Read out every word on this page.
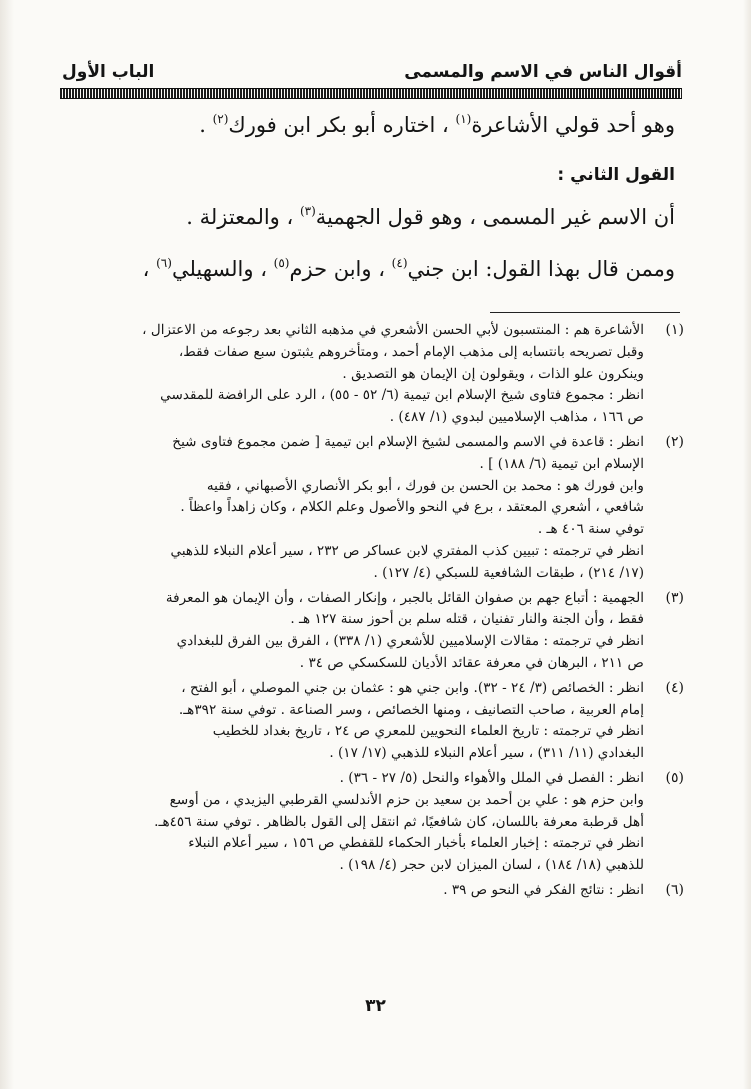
أقوال الناس في الاسم والمسمى
الباب الأول

وهو أحد قولي الأشاعرة$^{(١)}$ ، اختاره أبو بكر ابن فورك$^{(٢)}$ .

القول الثاني :

أن الاسم غير المسمى ، وهو قول الجهمية$^{(٣)}$ ، والمعتزلة .

وممن قال بهذا القول: ابن جني$^{(٤)}$ ، وابن حزم$^{(٥)}$ ، والسهيلي$^{(٦)}$ ،

(١)
الأشاعرة هم : المنتسبون لأبي الحسن الأشعري في مذهبه الثاني بعد رجوعه من الاعتزال ،
وقبل تصريحه بانتسابه إلى مذهب الإمام أحمد ، ومتأخروهم يثبتون سبع صفات فقط،
وينكرون علو الذات ، ويقولون إن الإيمان هو التصديق .
انظر : مجموع فتاوى شيخ الإسلام ابن تيمية (٦/ ٥٢ - ٥٥) ، الرد على الرافضة للمقدسي
ص ١٦٦ ، مذاهب الإسلاميين لبدوي (١/ ٤٨٧) .
(٢)
انظر : قاعدة في الاسم والمسمى لشيخ الإسلام ابن تيمية [ ضمن مجموع فتاوى شيخ
الإسلام ابن تيمية (٦/ ١٨٨) ] .
وابن فورك هو : محمد بن الحسن بن فورك ، أبو بكر الأنصاري الأصبهاني ، فقيه
شافعي ، أشعري المعتقد ، برع في النحو والأصول وعلم الكلام ، وكان زاهداً واعظاً .
توفي سنة ٤٠٦ هـ .
انظر في ترجمته : تبيين كذب المفتري لابن عساكر ص ٢٣٢ ، سير أعلام النبلاء للذهبي
(١٧/ ٢١٤) ، طبقات الشافعية للسبكي (٤/ ١٢٧) .
(٣)
الجهمية : أتباع جهم بن صفوان القائل بالجبر ، وإنكار الصفات ، وأن الإيمان هو المعرفة
فقط ، وأن الجنة والنار تفنيان ، قتله سلم بن أحوز سنة ١٢٧ هـ .
انظر في ترجمته : مقالات الإسلاميين للأشعري (١/ ٣٣٨) ، الفرق بين الفرق للبغدادي
ص ٢١١ ، البرهان في معرفة عقائد الأديان للسكسكي ص ٣٤ .
(٤)
انظر : الخصائص (٣/ ٢٤ - ٣٢). وابن جني هو : عثمان بن جني الموصلي ، أبو الفتح ،
إمام العربية ، صاحب التصانيف ، ومنها الخصائص ، وسر الصناعة . توفي سنة ٣٩٢هـ.
انظر في ترجمته : تاريخ العلماء النحويين للمعري ص ٢٤ ، تاريخ بغداد للخطيب
البغدادي (١١/ ٣١١) ، سير أعلام النبلاء للذهبي (١٧/ ١٧) .
(٥)
انظر : الفصل في الملل والأهواء والنحل (٥/ ٢٧ - ٣٦) .
وابن حزم هو : علي بن أحمد بن سعيد بن حزم الأندلسي القرطبي اليزيدي ، من أوسع
أهل قرطبة معرفة باللسان، كان شافعيًا، ثم انتقل إلى القول بالظاهر . توفي سنة ٤٥٦هـ.
انظر في ترجمته : إخبار العلماء بأخبار الحكماء للقفطي ص ١٥٦ ، سير أعلام النبلاء
للذهبي (١٨/ ١٨٤) ، لسان الميزان لابن حجر (٤/ ١٩٨) .
(٦)
انظر : نتائج الفكر في النحو ص ٣٩ .
٣٢
